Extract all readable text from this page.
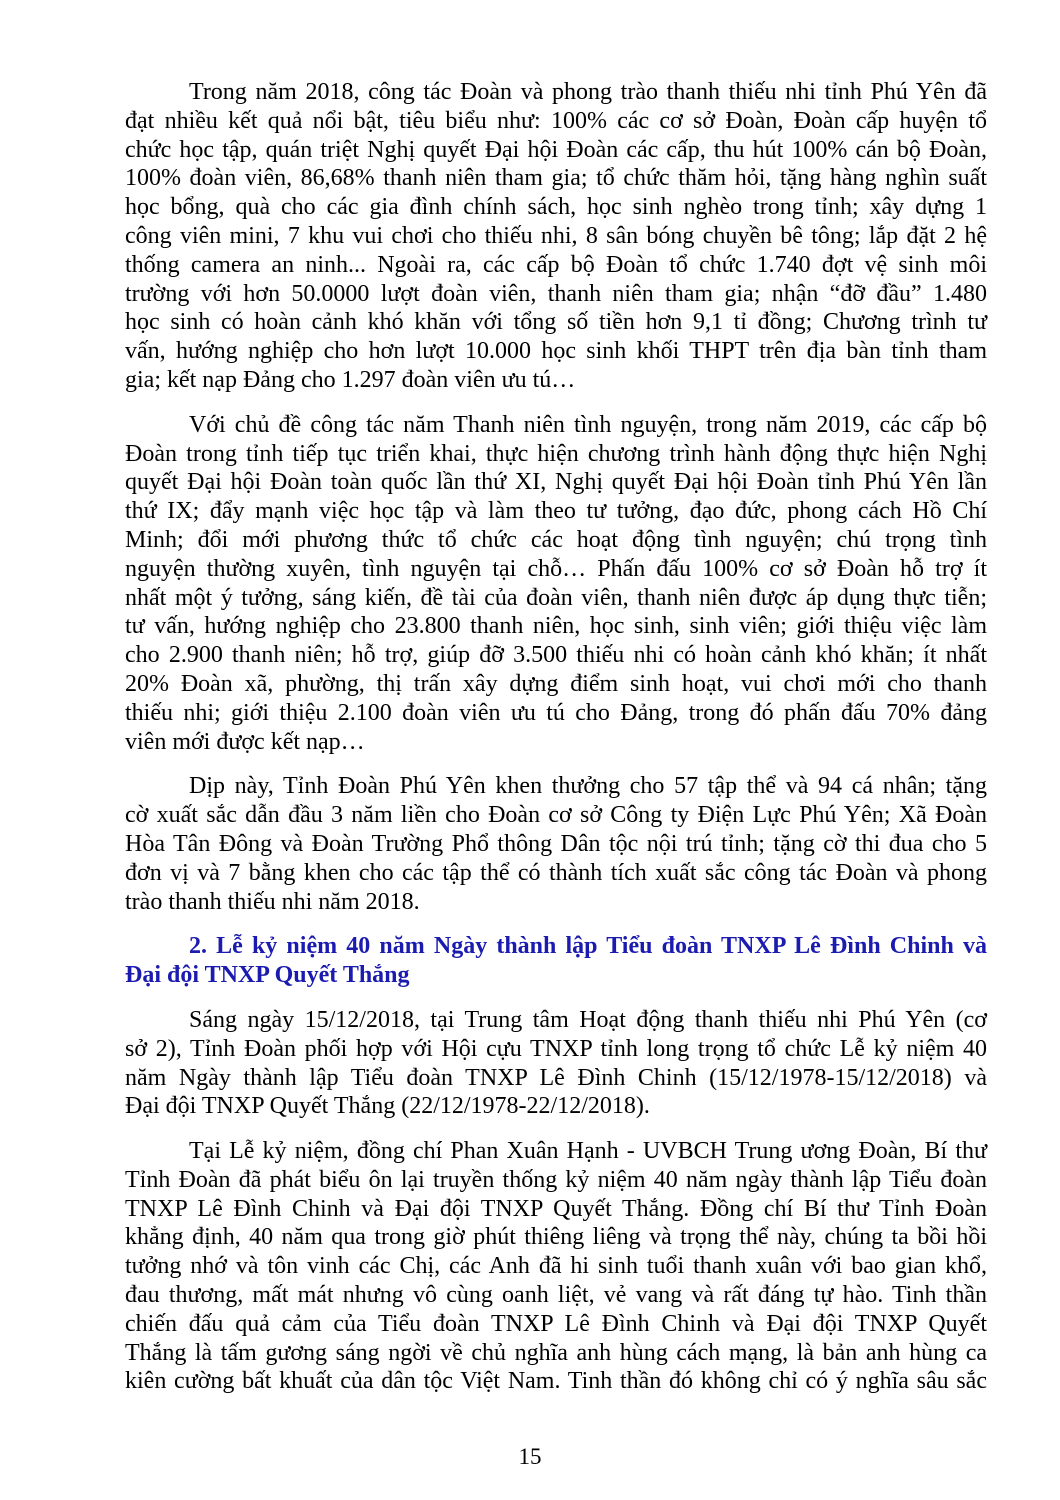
Trong năm 2018, công tác Đoàn và phong trào thanh thiếu nhi tỉnh Phú Yên đã
đạt nhiều kết quả nổi bật, tiêu biểu như: 100% các cơ sở Đoàn, Đoàn cấp huyện tổ
chức học tập, quán triệt Nghị quyết Đại hội Đoàn các cấp, thu hút 100% cán bộ Đoàn,
100% đoàn viên, 86,68% thanh niên tham gia; tổ chức thăm hỏi, tặng hàng nghìn suất
học bổng, quà cho các gia đình chính sách, học sinh nghèo trong tỉnh; xây dựng 1
công viên mini, 7 khu vui chơi cho thiếu nhi, 8 sân bóng chuyền bê tông; lắp đặt 2 hệ
thống camera an ninh... Ngoài ra, các cấp bộ Đoàn tổ chức 1.740 đợt vệ sinh môi
trường với hơn 50.0000 lượt đoàn viên, thanh niên tham gia; nhận “đỡ đầu” 1.480
học sinh có hoàn cảnh khó khăn với tổng số tiền hơn 9,1 tỉ đồng; Chương trình tư
vấn, hướng nghiệp cho hơn lượt 10.000 học sinh khối THPT trên địa bàn tỉnh tham
gia; kết nạp Đảng cho 1.297 đoàn viên ưu tú…
Với chủ đề công tác năm Thanh niên tình nguyện, trong năm 2019, các cấp bộ
Đoàn trong tỉnh tiếp tục triển khai, thực hiện chương trình hành động thực hiện Nghị
quyết Đại hội Đoàn toàn quốc lần thứ XI, Nghị quyết Đại hội Đoàn tỉnh Phú Yên lần
thứ IX; đẩy mạnh việc học tập và làm theo tư tưởng, đạo đức, phong cách Hồ Chí
Minh; đổi mới phương thức tổ chức các hoạt động tình nguyện; chú trọng tình
nguyện thường xuyên, tình nguyện tại chỗ… Phấn đấu 100% cơ sở Đoàn hỗ trợ ít
nhất một ý tưởng, sáng kiến, đề tài của đoàn viên, thanh niên được áp dụng thực tiễn;
tư vấn, hướng nghiệp cho 23.800 thanh niên, học sinh, sinh viên; giới thiệu việc làm
cho 2.900 thanh niên; hỗ trợ, giúp đỡ 3.500 thiếu nhi có hoàn cảnh khó khăn; ít nhất
20% Đoàn xã, phường, thị trấn xây dựng điểm sinh hoạt, vui chơi mới cho thanh
thiếu nhi; giới thiệu 2.100 đoàn viên ưu tú cho Đảng, trong đó phấn đấu 70% đảng
viên mới được kết nạp…
Dịp này, Tỉnh Đoàn Phú Yên khen thưởng cho 57 tập thể và 94 cá nhân; tặng
cờ xuất sắc dẫn đầu 3 năm liền cho Đoàn cơ sở Công ty Điện Lực Phú Yên; Xã Đoàn
Hòa Tân Đông và Đoàn Trường Phổ thông Dân tộc nội trú tỉnh; tặng cờ thi đua cho 5
đơn vị và 7 bằng khen cho các tập thể có thành tích xuất sắc công tác Đoàn và phong
trào thanh thiếu nhi năm 2018.
2. Lễ kỷ niệm 40 năm Ngày thành lập Tiểu đoàn TNXP Lê Đình Chinh và
Đại đội TNXP Quyết Thắng
Sáng ngày 15/12/2018, tại Trung tâm Hoạt động thanh thiếu nhi Phú Yên (cơ
sở 2), Tỉnh Đoàn phối hợp với Hội cựu TNXP tỉnh long trọng tổ chức Lễ kỷ niệm 40
năm Ngày thành lập Tiểu đoàn TNXP Lê Đình Chinh (15/12/1978-15/12/2018) và
Đại đội TNXP Quyết Thắng (22/12/1978-22/12/2018).
Tại Lễ kỷ niệm, đồng chí Phan Xuân Hạnh - UVBCH Trung ương Đoàn, Bí thư
Tỉnh Đoàn đã phát biểu ôn lại truyền thống kỷ niệm 40 năm ngày thành lập Tiểu đoàn
TNXP Lê Đình Chinh và Đại đội TNXP Quyết Thắng. Đồng chí Bí thư Tỉnh Đoàn
khẳng định, 40 năm qua trong giờ phút thiêng liêng và trọng thể này, chúng ta bồi hồi
tưởng nhớ và tôn vinh các Chị, các Anh đã hi sinh tuổi thanh xuân với bao gian khổ,
đau thương, mất mát nhưng vô cùng oanh liệt, vẻ vang và rất đáng tự hào. Tinh thần
chiến đấu quả cảm của Tiểu đoàn TNXP Lê Đình Chinh và Đại đội TNXP Quyết
Thắng là tấm gương sáng ngời về chủ nghĩa anh hùng cách mạng, là bản anh hùng ca
kiên cường bất khuất của dân tộc Việt Nam. Tinh thần đó không chỉ có ý nghĩa sâu sắc
15
